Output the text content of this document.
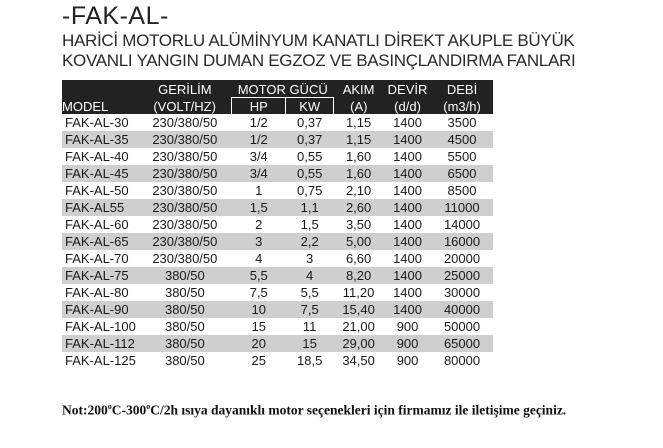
-FAK-AL-
HARİCİ MOTORLU ALÜMİNYUM KANATLI DİREKT AKUPLE BÜYÜK
KOVANLI YANGIN DUMAN EGZOZ VE BASINÇLANDIRMA FANLARI
MODEL	GERİLİM	MOTOR GÜCÜ		AKIM	DEVİR	DEBİ
	(VOLT/HZ)	HP	KW	(A)	(d/d)	(m3/h)
FAK-AL-30	230/380/50	1/2	0,37	1,15	1400	3500
FAK-AL-35	230/380/50	1/2	0,37	1,15	1400	4500
FAK-AL-40	230/380/50	3/4	0,55	1,60	1400	5500
FAK-AL-45	230/380/50	3/4	0,55	1,60	1400	6500
FAK-AL-50	230/380/50	1	0,75	2,10	1400	8500
FAK-AL55	230/380/50	1,5	1,1	2,60	1400	11000
FAK-AL-60	230/380/50	2	1,5	3,50	1400	14000
FAK-AL-65	230/380/50	3	2,2	5,00	1400	16000
FAK-AL-70	230/380/50	4	3	6,60	1400	20000
FAK-AL-75	380/50	5,5	4	8,20	1400	25000
FAK-AL-80	380/50	7,5	5,5	11,20	1400	30000
FAK-AL-90	380/50	10	7,5	15,40	1400	40000
FAK-AL-100	380/50	15	11	21,00	900	50000
FAK-AL-112	380/50	20	15	29,00	900	65000
FAK-AL-125	380/50	25	18,5	34,50	900	80000
Not:200$^o$C-300$^o$C/2h ısıya dayanıklı motor seçenekleri için firmamız ile iletişime geçiniz.
